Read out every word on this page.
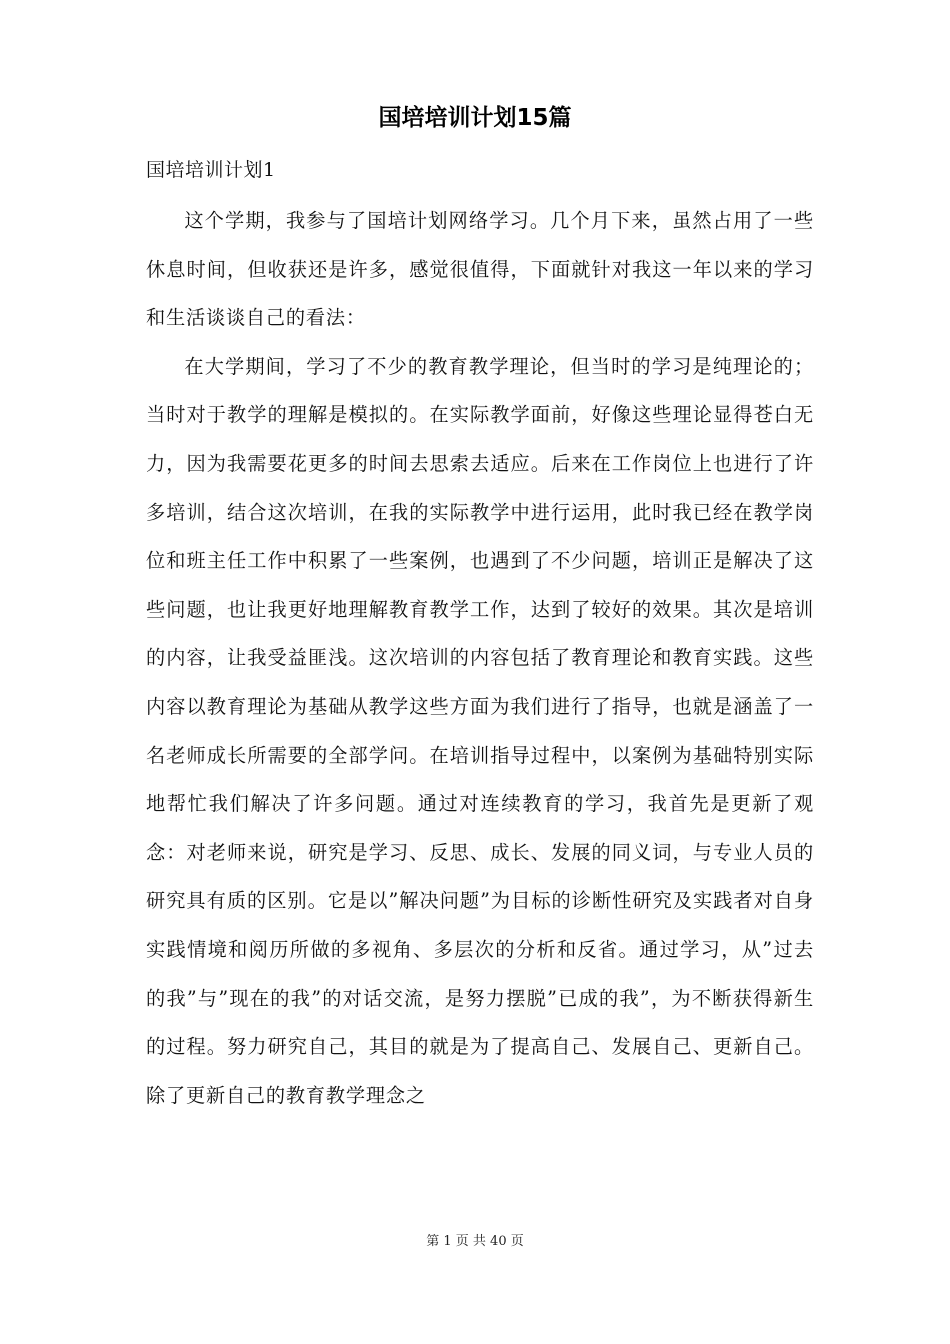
国培培训计划15篇

国培培训计划1

这个学期，我参与了国培计划网络学习。几个月下来，虽然占用了一些休息时间，但收获还是许多，感觉很值得，下面就针对我这一年以来的学习和生活谈谈自己的看法：

在大学期间，学习了不少的教育教学理论，但当时的学习是纯理论的；当时对于教学的理解是模拟的。在实际教学面前，好像这些理论显得苍白无力，因为我需要花更多的时间去思索去适应。后来在工作岗位上也进行了许多培训，结合这次培训，在我的实际教学中进行运用，此时我已经在教学岗位和班主任工作中积累了一些案例，也遇到了不少问题，培训正是解决了这些问题，也让我更好地理解教育教学工作，达到了较好的效果。其次是培训的内容，让我受益匪浅。这次培训的内容包括了教育理论和教育实践。这些内容以教育理论为基础从教学这些方面为我们进行了指导，也就是涵盖了一名老师成长所需要的全部学问。在培训指导过程中，以案例为基础特别实际地帮忙我们解决了许多问题。通过对连续教育的学习，我首先是更新了观念：对老师来说，研究是学习、反思、成长、发展的同义词，与专业人员的研究具有质的区别。它是以”解决问题”为目标的诊断性研究及实践者对自身实践情境和阅历所做的多视角、多层次的分析和反省。通过学习，从”过去的我”与”现在的我”的对话交流，是努力摆脱”已成的我”，为不断获得新生的过程。努力研究自己，其目的就是为了提高自己、发展自己、更新自己。除了更新自己的教育教学理念之

第 1 页 共 40 页
